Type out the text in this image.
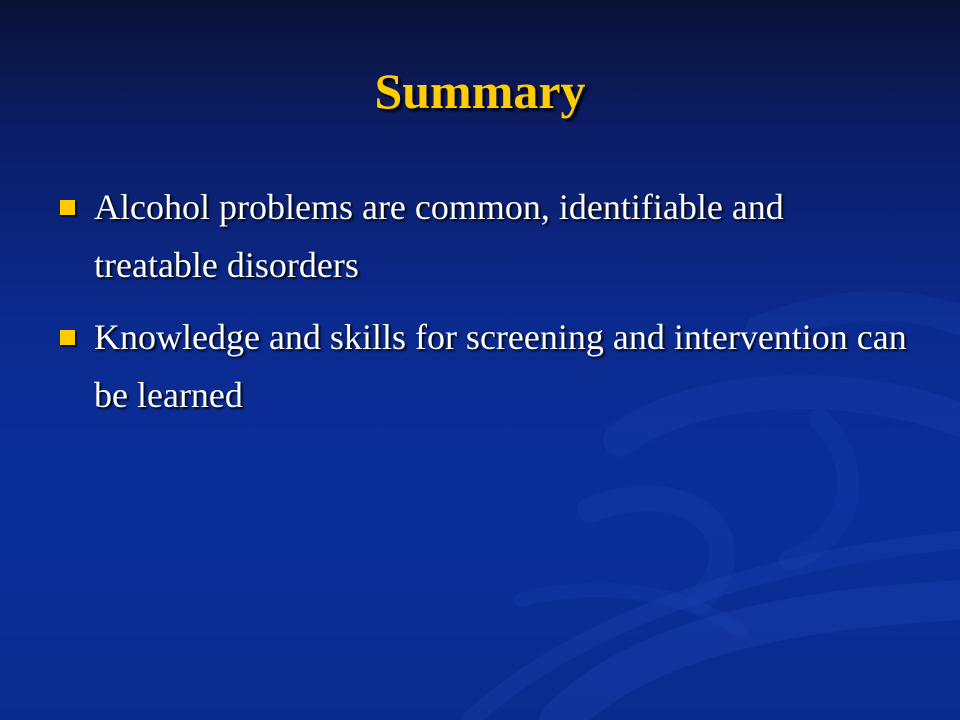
Summary
Alcohol problems are common, identifiable and treatable disorders
Knowledge and skills for screening and intervention can be learned
